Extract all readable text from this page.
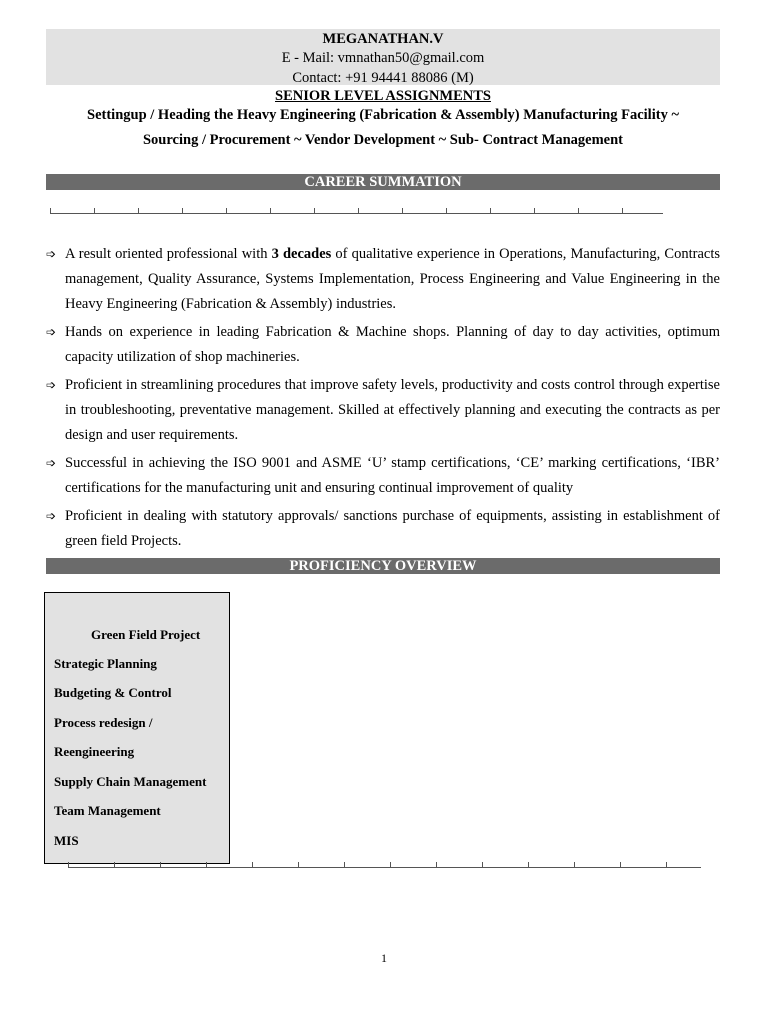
MEGANATHAN.V
E - Mail: vmnathan50@gmail.com
Contact: +91 94441 88086 (M)
SENIOR LEVEL ASSIGNMENTS
Settingup / Heading the Heavy Engineering (Fabrication & Assembly) Manufacturing Facility ~
Sourcing / Procurement ~ Vendor Development ~ Sub- Contract Management
CAREER SUMMATION
➩ A result oriented professional with 3 decades of qualitative experience in Operations, Manufacturing, Contracts management, Quality Assurance, Systems Implementation, Process Engineering and Value Engineering in the Heavy Engineering (Fabrication & Assembly) industries.
➩ Hands on experience in leading Fabrication & Machine shops. Planning of day to day activities, optimum capacity utilization of shop machineries.
➩ Proficient in streamlining procedures that improve safety levels, productivity and costs control through expertise in troubleshooting, preventative management. Skilled at effectively planning and executing the contracts as per design and user requirements.
➩ Successful in achieving the ISO 9001 and ASME ‘U’ stamp certifications, ‘CE’ marking certifications, ‘IBR’ certifications for the manufacturing unit and ensuring continual improvement of quality
➩ Proficient in dealing with statutory approvals/ sanctions purchase of equipments, assisting in establishment of green field Projects.
PROFICIENCY OVERVIEW
Green Field Project
Strategic Planning
Budgeting & Control
Process redesign /
Reengineering
Supply Chain Management
Team Management
MIS
1
